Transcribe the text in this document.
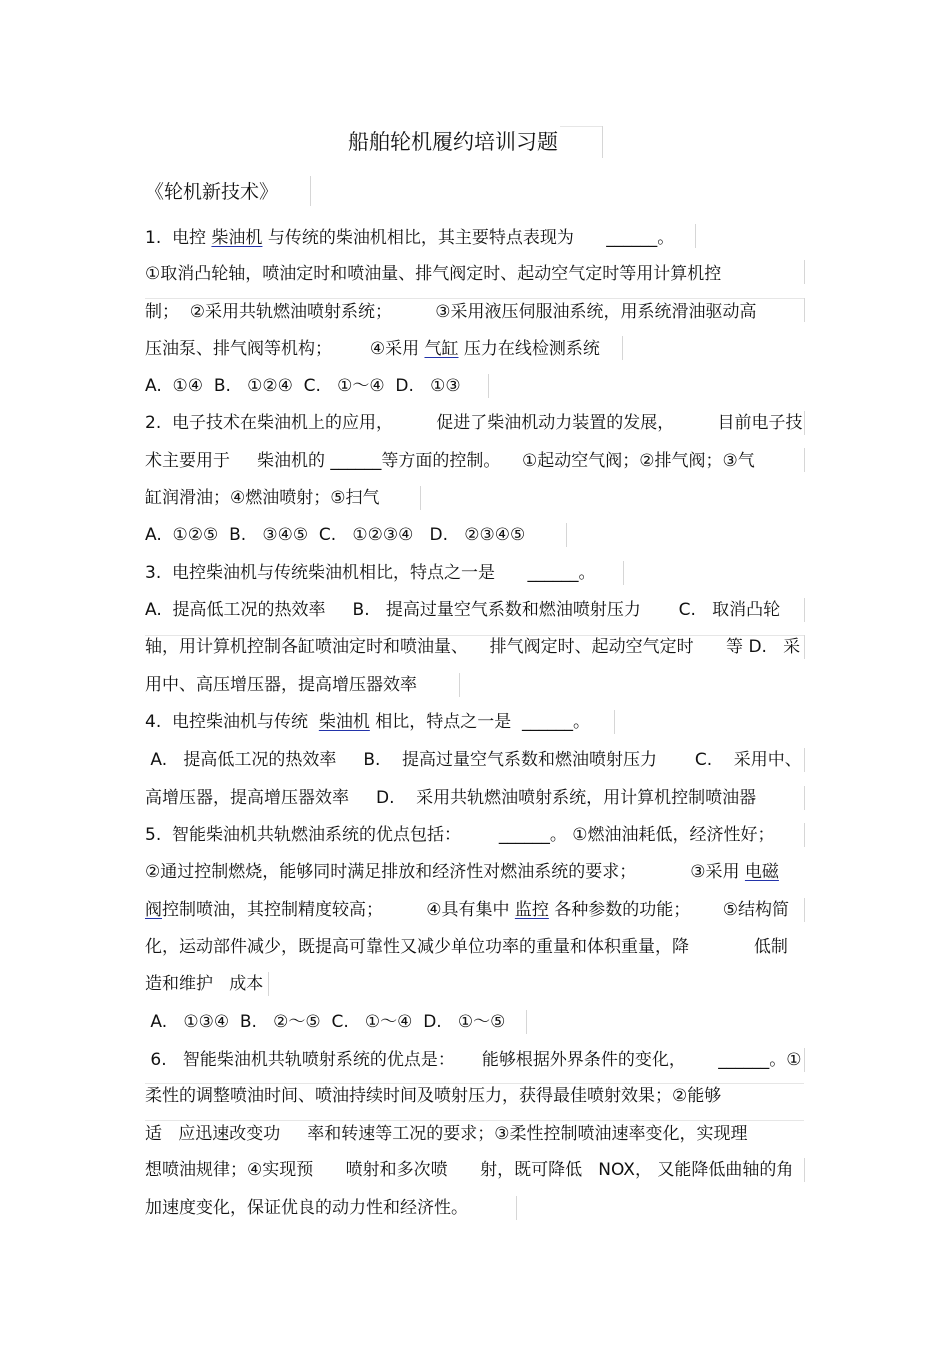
船舶轮机履约培训习题
《轮机新技术》
1.  电控 柴油机 与传统的柴油机相比，其主要特点表现为      ______。
①取消凸轮轴，喷油定时和喷油量、排气阀定时、起动空气定时等用计算机控
制；  ②采用共轨燃油喷射系统；        ③采用液压伺服油系统，用系统滑油驱动高
压油泵、排气阀等机构；       ④采用 气缸 压力在线检测系统
A.  ①④  B.   ①②④  C.   ①～④  D.   ①③
2.  电子技术在柴油机上的应用，        促进了柴油机动力装置的发展，        目前电子技
术主要用于     柴油机的 ______等方面的控制。    ①起动空气阀；②排气阀；③气
缸润滑油；④燃油喷射；⑤扫气
A.  ①②⑤  B.   ③④⑤  C.   ①②③④   D.   ②③④⑤
3.  电控柴油机与传统柴油机相比，特点之一是      ______。
A.  提高低工况的热效率     B.   提高过量空气系数和燃油喷射压力       C.   取消凸轮
轴，用计算机控制各缸喷油定时和喷油量、    排气阀定时、起动空气定时      等 D.   采
用中、高压增压器，提高增压器效率
4.  电控柴油机与传统  柴油机 相比，特点之一是  ______。
A.   提高低工况的热效率     B.    提高过量空气系数和燃油喷射压力       C.    采用中、
高增压器，提高增压器效率     D.    采用共轨燃油喷射系统，用计算机控制喷油器
5.  智能柴油机共轨燃油系统的优点包括：       ______。 ①燃油油耗低，经济性好；
②通过控制燃烧，能够同时满足排放和经济性对燃油系统的要求；          ③采用 电磁
阀控制喷油，其控制精度较高；        ④具有集中 监控 各种参数的功能；      ⑤结构简
化，运动部件减少，既提高可靠性又减少单位功率的重量和体积重量，降            低制
造和维护   成本
A.   ①③④  B.   ②～⑤  C.   ①～④  D.   ①～⑤
6.   智能柴油机共轨喷射系统的优点是：     能够根据外界条件的变化，      ______。①
柔性的调整喷油时间、喷油持续时间及喷射压力，获得最佳喷射效果；②能够
适   应迅速改变功     率和转速等工况的要求；③柔性控制喷油速率变化，实现理
想喷油规律；④实现预      喷射和多次喷      射，既可降低   NOX， 又能降低曲轴的角
加速度变化，保证优良的动力性和经济性。
